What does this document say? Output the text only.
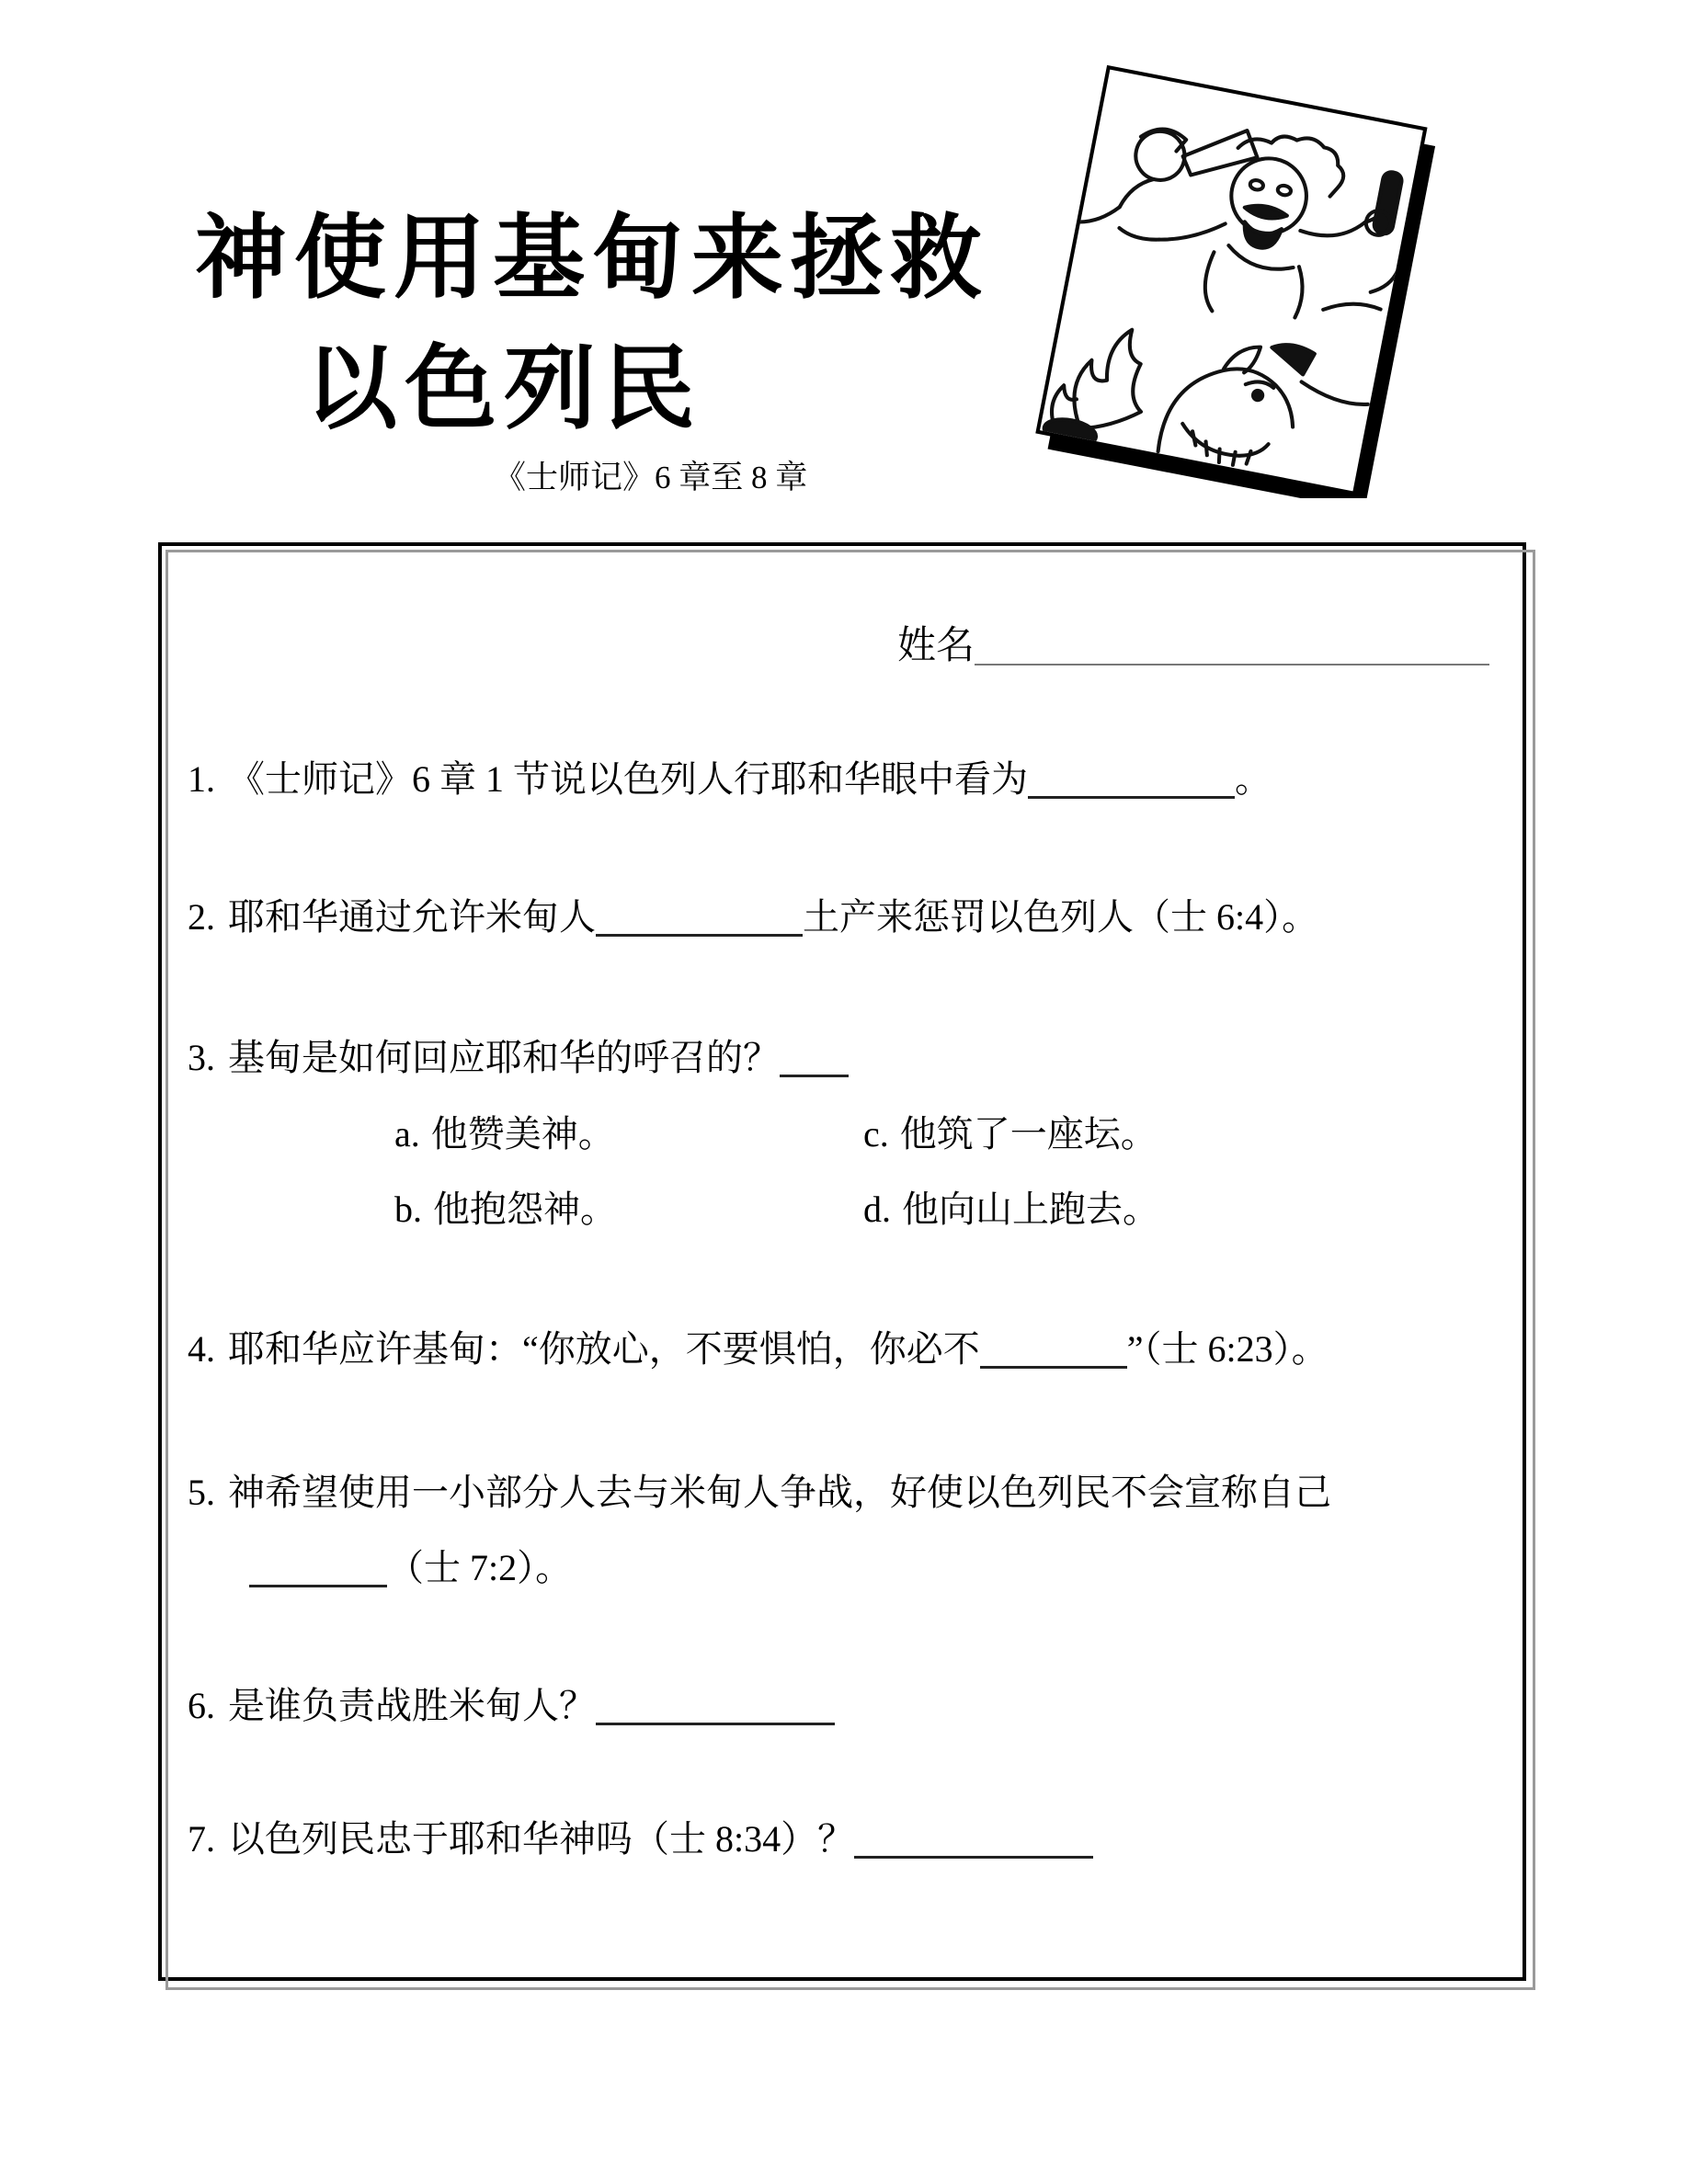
神使用基甸来拯救
以色列民
《士师记》6 章至 8 章
姓名
1. 《士师记》6 章 1 节说以色列人行耶和华眼中看为	。
2. 耶和华通过允许米甸人	土产来惩罚以色列人（士 6:4）。
3. 基甸是如何回应耶和华的呼召的？
a. 他赞美神。	c. 他筑了一座坛。
b. 他抱怨神。	d. 他向山上跑去。
4. 耶和华应许基甸：“你放心，不要惧怕，你必不	”（士 6:23）。
5. 神希望使用一小部分人去与米甸人争战，好使以色列民不会宣称自己
（士 7:2）。
6. 是谁负责战胜米甸人？
7. 以色列民忠于耶和华神吗（士 8:34）？
